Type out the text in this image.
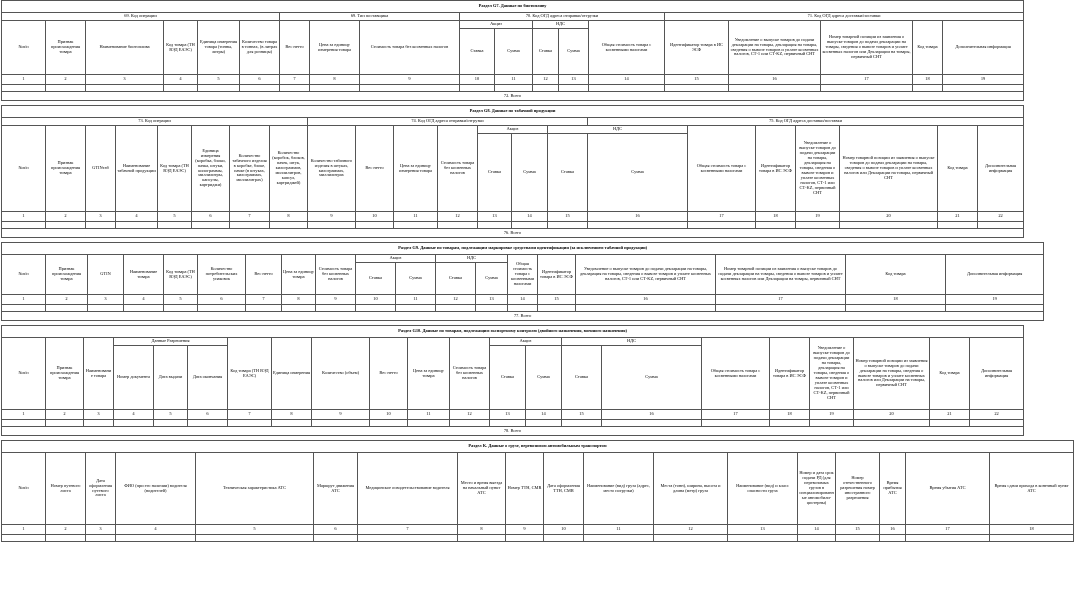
Раздел G7. Данные по биотопливу																		
69. Код операции						69. Тип поставщика			70. Код ОГД адреса отправки/отгрузки					71. Код ОГД адреса доставки/поставки				
№п/п	Признак происхождения товара	Наименование биотоплива	Код товара (ТН ВЭД ЕАЭС)	Единица измерения товара (тонны, литры)	Количество товара в тоннах, (в литрах для розницы)	Вес нетто	Цена за единицу измерения товара	Стоимость товара без косвенных налогов	Акциз		НДС		Общая стоимость товара с косвенными налогами	Идентификатор товара в ИС ЭСФ	Уведомление о выпуске товаров до подачи декларации на товары, декларация на товары, сведения о вывозе товаров и уплате косвенных налогов, СТ-1 или СТ-KZ, первичный СНТ	Номер товарной позиции из заявления о выпуске товаров до подачи декларации на товары, сведения о вывозе товаров и уплате косвенных налогов или Декларации на товары, первичный СНТ	Код товара	Дополнительная информация
									Ставка	Сумма	Ставка	Сумма						
1	2	3	4	5	6	7	8	9	10	11	12	13	14	15	16	17	18	19

72. Всего																		
Раздел G8. Данные по табачной продукции																					
73. Код операции								74. Код ОГД адреса отправки/отгрузки							75. Код ОГД адреса доставки/поставки						
№п/п	Признак происхождения товара	GTINтаб	Наименование табачной продукции	Код товара (ТН ВЭД ЕАЭС)	Единица измерения (коробка, блоки, пачка, штуки, килограммы, миллилитры, капсулы, картриджи)	Количество табачного изделия в коробке, блоке, пачке (в штуках, килограммах, миллилитрах)	Количество (коробок, блоков, пачек, штук, килограммов, миллилитров, капсул, картриджей)	Количество табачного изделия в штуках, килограммах, миллилитрах	Вес нетто	Цена за единицу измерения товара	Стоимость товара без косвенных налогов	Акциз		НДС		Общая стоимость товара с косвенными налогами	Идентификатор товара в ИС ЭСФ	Уведомление о выпуске товаров до подачи декларации на товары, декларация на товары, сведения о вывозе товаров и уплате косвенных налогов, СТ-1 или СТ-KZ, первичный СНТ	Номер товарной позиции из заявления о выпуске товаров до подачи декларации на товары, сведения о вывозе товаров и уплате косвенных налогов или Декларации на товары, первичный СНТ	Код товара	Дополнительная информация
												Ставка	Сумма	Ставка	Сумма						
1	2	3	4	5	6	7	8	9	10	11	12	13	14	15	16	17	18	19	20	21	22

76. Всего																					
Раздел G9. Данные по товарам, подлежащим маркировке средствами идентификации (за исключением табачной продукции)																		
№п/п	Признак происхождения товара	GTIN	Наименование товара	Код товара (ТН ВЭД ЕАЭС)	Количество потребительских упаковок	Вес нетто	Цена за единицу товара	Стоимость товара без косвенных налогов	Акциз		НДС		Общая стоимость товара с косвенными налогами	Идентификатор товара в ИС ЭСФ	Уведомление о выпуске товаров до подачи декларации на товары, декларация на товары, сведения о вывозе товаров и уплате косвенных налогов, СТ-1 или СТ-KZ, первичный СНТ	Номер товарной позиции из заявления о выпуске товаров до подачи декларации на товары, сведения о вывозе товаров и уплате косвенных налогов или Декларации на товары, первичный СНТ	Код товара	Дополнительная информация
									Ставка	Сумма	Ставка	Сумма						
1	2	3	4	5	6	7	8	9	10	11	12	13	14	15	16	17	18	19

77. Всего																		
Раздел G10. Данные по товарам, подлежащим экспортному контролю (двойного назначения, военного назначения)																					
№п/п	Признак происхождения товара	Наименование товара	Данные Разрешения			Код товара (ТН ВЭД ЕАЭС)	Единица измерения	Количество (объем)	Вес нетто	Цена за единицу товара	Стоимость товара без косвенных налогов	Акциз		НДС		Общая стоимость товара с косвенными налогами	Идентификатор товара в ИС ЭСФ	Уведомление о выпуске товаров до подачи декларации на товары, декларация на товары, сведения о вывозе товаров и уплате косвенных налогов, СТ-1 или СТ-KZ, первичный СНТ	Номер товарной позиции из заявления о выпуске товаров до подачи декларации на товары, сведения о вывозе товаров и уплате косвенных налогов или Декларации на товары, первичный СНТ	Код товара	Дополнительная информация
			Номер документа	Дата выдачи	Дата окончания							Ставка	Сумма	Ставка	Сумма						
1	2	3	4	5	6	7	8	9	10	11	12	13	14	15	16	17	18	19	20	21	22

78. Всего																					
Раздел K. Данные о грузе, перевозимом автомобильным транспортом																	
№п/п	Номер путевого листа	Дата оформления путевого листа	ФИО (при его наличии) водителя (водителей)	Техническая характеристика АТС	Маршрут движения АТС	Медицинское освидетельствование водителя	Место и время выезда на начальный пункт АТС	Номер ТТН, CMR	Дата оформления ТТН, CMR	Наименование (вид) груза (адрес, место погрузки)	Места (тонн), ширина, высота и длина (метр) груза	Наименование (вид) и класс опасности груза	Номер и дата срок подачи РД (для перевозимых грузов в специализированные автомобили-цистерны)	Номер отечественного разрешения номер иностранного разрешения	Время прибытия АТС	Время убытия АТС	Время сдачи прихода в конечный пункт АТС
1	2	3	4	5	6	7	8	9	10	11	12	13	14	15	16	17	18
